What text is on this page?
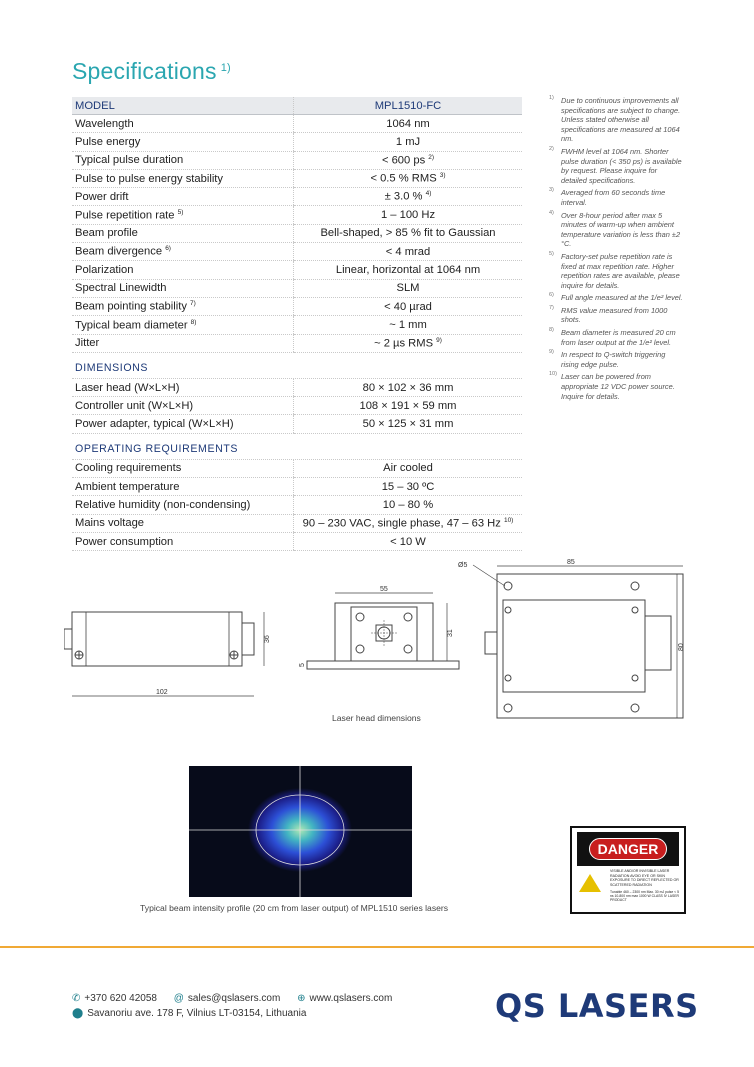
Specifications $^{1)}$
MODEL	MPL1510-FC
Wavelength	1064 nm
Pulse energy	1 mJ
Typical pulse duration	< 600 ps $^{2)}$
Pulse to pulse energy stability	< 0.5 % RMS $^{3)}$
Power drift	± 3.0 % $^{4)}$
Pulse repetition rate $^{5)}$	1 – 100 Hz
Beam profile	Bell-shaped, > 85 % fit to Gaussian
Beam divergence $^{6)}$	< 4 mrad
Polarization	Linear, horizontal at 1064 nm
Spectral Linewidth	SLM
Beam pointing stability $^{7)}$	< 40 µrad
Typical beam diameter $^{8)}$	~ 1 mm
Jitter	~ 2 µs RMS $^{9)}$
DIMENSIONS	
Laser head (W×L×H)	80 × 102 × 36 mm
Controller unit (W×L×H)	108 × 191 × 59 mm
Power adapter, typical (W×L×H)	50 × 125 × 31 mm
OPERATING REQUIREMENTS	
Cooling requirements	Air cooled
Ambient temperature	15 – 30 ºC
Relative humidity (non-condensing)	10 – 80 %
Mains voltage	90 – 230 VAC, single phase, 47 – 63 Hz $^{10)}$
Power consumption	< 10 W
1) Due to continuous improvements all specifications are subject to change. Unless stated otherwise all specifications are measured at 1064 nm.
2) FWHM level at 1064 nm. Shorter pulse duration (< 350 ps) is available by request. Please inquire for detailed specifications.
3) Averaged from 60 seconds time interval.
4) Over 8-hour period after max 5 minutes of warm-up when ambient temperature variation is less than ±2 °C.
5) Factory-set pulse repetition rate is fixed at max repetition rate. Higher repetition rates are available, please inquire for details.
6) Full angle measured at the 1/e² level.
7) RMS value measured from 1000 shots.
8) Beam diameter is measured 20 cm from laser output at the 1/e² level.
9) In respect to Q-switch triggering rising edge pulse.
10) Laser can be powered from appropriate 12 VDC power source. Inquire for details.
36
102
55
31
5
Ø5	85
80
Laser head dimensions
Typical beam intensity profile (20 cm from laser output) of MPL1510 series lasers
DANGER
VISIBLE AND/OR INVISIBLE LASER RADIATION AVOID EYE OR SKIN EXPOSURE TO DIRECT REFLECTED OR SCATTERED RADIATION
Tunable 460 – 2300 nm Max. 30 mJ pulse < 5 ns 10-800 nm max 1000 W CLASS IV LASER PRODUCT
✆ +370 620 42058 @ sales@qslasers.com ⊕ www.qslasers.com
⬤ Savanoriu ave. 178 F, Vilnius LT-03154, Lithuania	QS LASERS
